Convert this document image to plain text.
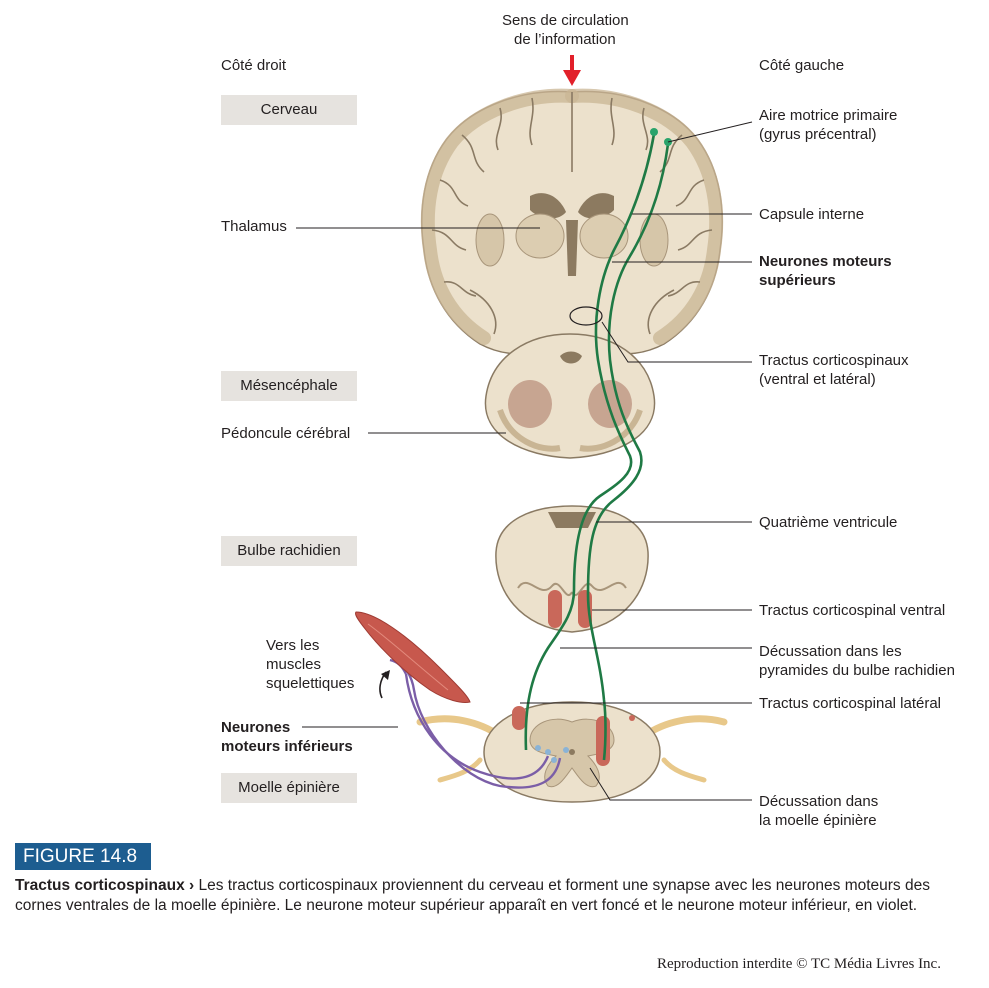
Sens de circulation
de l’information
Côté droit	Côté gauche
Cerveau
Mésencéphale
Bulbe rachidien
Moelle épinière
Thalamus
Pédoncule cérébral
Vers les
muscles
squelettiques
Neurones
moteurs inférieurs
Aire motrice primaire
(gyrus précentral)
Capsule interne
Neurones moteurs
supérieurs
Tractus corticospinaux
(ventral et latéral)
Quatrième ventricule
Tractus corticospinal ventral
Décussation dans les
pyramides du bulbe rachidien
Tractus corticospinal latéral
Décussation dans
la moelle épinière
FIGURE 14.8
Tractus corticospinaux › Les tractus corticospinaux proviennent du cerveau et forment une synapse avec les neurones moteurs des cornes ventrales de la moelle épinière. Le neurone moteur supérieur apparaît en vert foncé et le neurone moteur inférieur, en violet.
Reproduction interdite © TC Média Livres Inc.
